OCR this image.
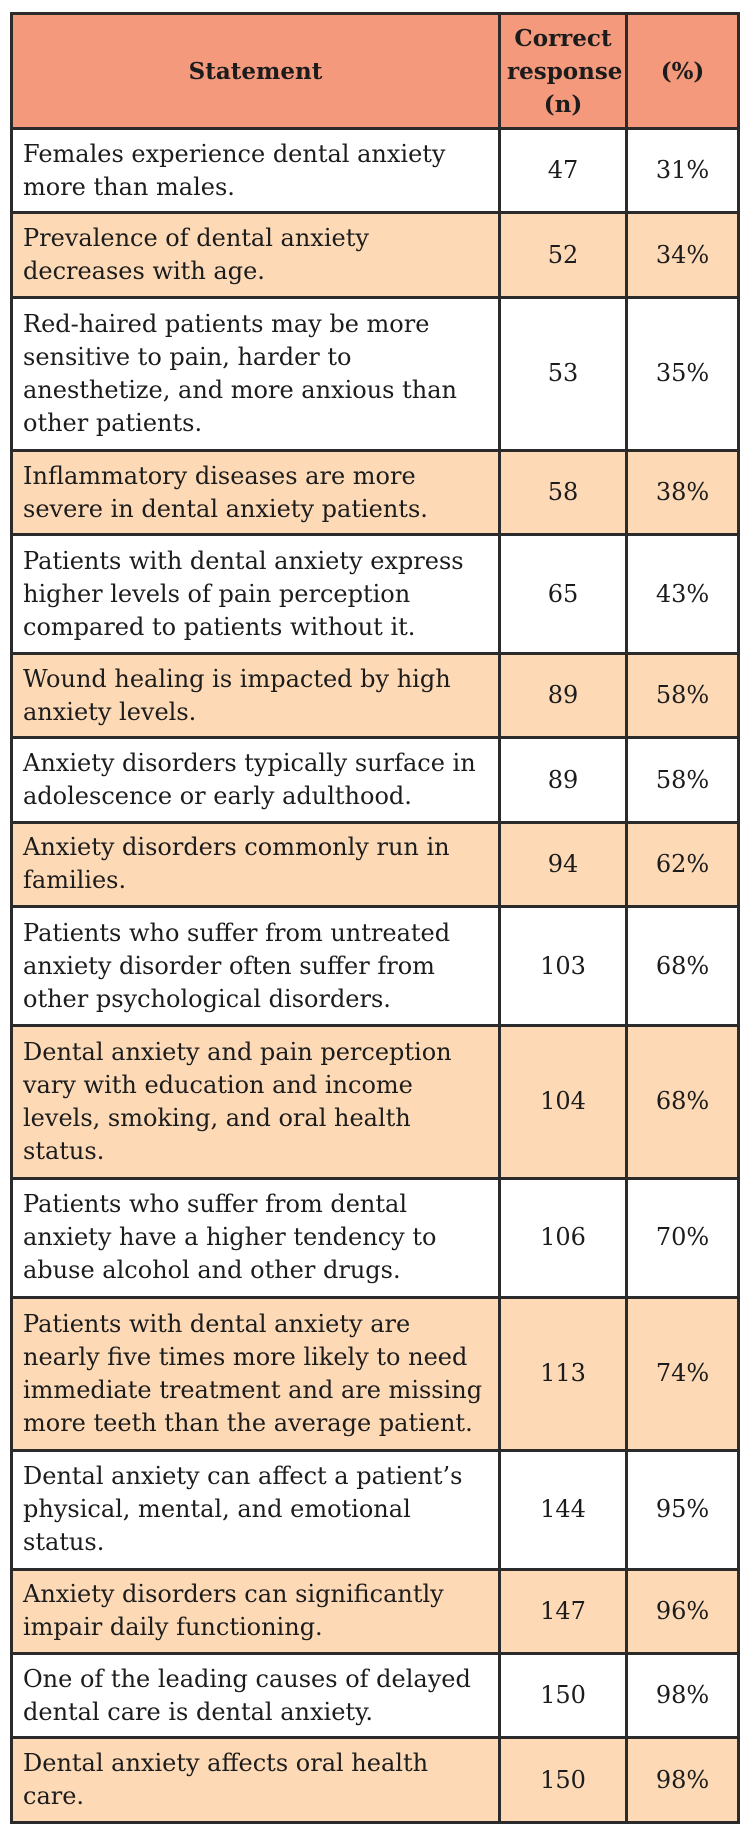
Statement	Correct response (n)	(%)
Females experience dental anxiety more than males.	47	31%
Prevalence of dental anxiety decreases with age.	52	34%
Red-haired patients may be more sensitive to pain, harder to anesthetize, and more anxious than other patients.	53	35%
Inflammatory diseases are more severe in dental anxiety patients.	58	38%
Patients with dental anxiety express higher levels of pain perception compared to patients without it.	65	43%
Wound healing is impacted by high anxiety levels.	89	58%
Anxiety disorders typically surface in adolescence or early adulthood.	89	58%
Anxiety disorders commonly run in families.	94	62%
Patients who suffer from untreated anxiety disorder often suffer from other psychological disorders.	103	68%
Dental anxiety and pain perception vary with education and income levels, smoking, and oral health status.	104	68%
Patients who suffer from dental anxiety have a higher tendency to abuse alcohol and other drugs.	106	70%
Patients with dental anxiety are nearly five times more likely to need immediate treatment and are missing more teeth than the average patient.	113	74%
Dental anxiety can affect a patient’s physical, mental, and emotional status.	144	95%
Anxiety disorders can significantly impair daily functioning.	147	96%
One of the leading causes of delayed dental care is dental anxiety.	150	98%
Dental anxiety affects oral health care.	150	98%
